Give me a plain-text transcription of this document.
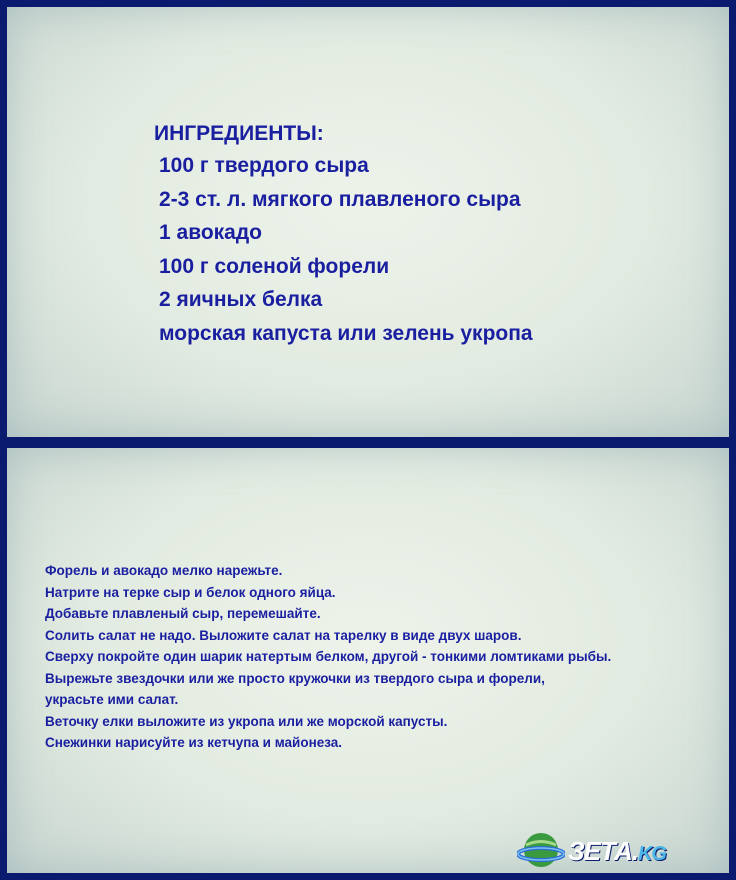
ИНГРЕДИЕНТЫ:
100 г твердого сыра
2-3 ст. л. мягкого плавленого сыра
1 авокадо
100 г соленой форели
2 яичных белка
морская капуста или зелень укропа
Форель и авокадо мелко нарежьте.
Натрите на терке сыр и белок одного яйца.
Добавьте плавленый сыр, перемешайте.
Солить салат не надо. Выложите салат на тарелку в виде двух шаров.
Сверху покройте один шарик натертым белком, другой - тонкими ломтиками рыбы.
Вырежьте звездочки или же просто кружочки из твердого сыра и форели,
украсьте ими салат.
Веточку елки выложите из укропа или же морской капусты.
Снежинки нарисуйте из кетчупа и майонеза.
ЗЕТА.KG
